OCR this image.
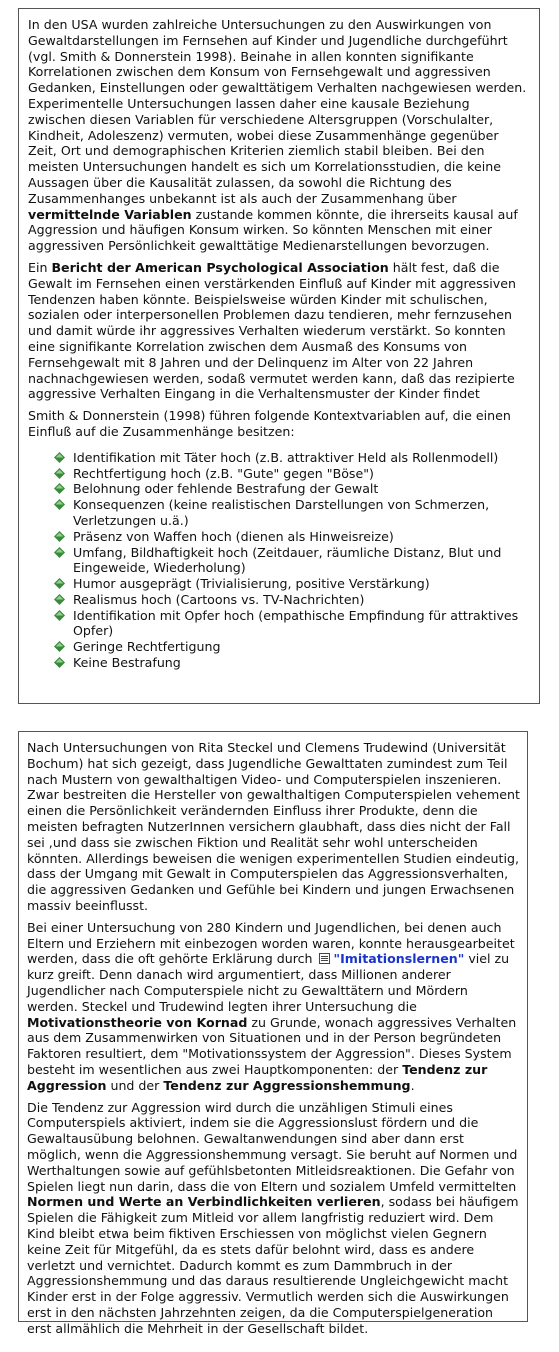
In den USA wurden zahlreiche Untersuchungen zu den Auswirkungen von Gewaltdarstellungen im Fernsehen auf Kinder und Jugendliche durchgeführt (vgl. Smith & Donnerstein 1998). Beinahe in allen konnten signifikante Korrelationen zwischen dem Konsum von Fernsehgewalt und aggressiven Gedanken, Einstellungen oder gewalttätigem Verhalten nachgewiesen werden. Experimentelle Untersuchungen lassen daher eine kausale Beziehung zwischen diesen Variablen für verschiedene Altersgruppen (Vorschulalter, Kindheit, Adoleszenz) vermuten, wobei diese Zusammenhänge gegenüber Zeit, Ort und demographischen Kriterien ziemlich stabil bleiben. Bei den meisten Untersuchungen handelt es sich um Korrelationsstudien, die keine Aussagen über die Kausalität zulassen, da sowohl die Richtung des Zusammenhanges unbekannt ist als auch der Zusammenhang über vermittelnde Variablen zustande kommen könnte, die ihrerseits kausal auf Aggression und häufigen Konsum wirken. So könnten Menschen mit einer aggressiven Persönlichkeit gewalttätige Medienarstellungen bevorzugen.

Ein Bericht der American Psychological Association hält fest, daß die Gewalt im Fernsehen einen verstärkenden Einfluß auf Kinder mit aggressiven Tendenzen haben könnte. Beispielsweise würden Kinder mit schulischen, sozialen oder interpersonellen Problemen dazu tendieren, mehr fernzusehen und damit würde ihr aggressives Verhalten wiederum verstärkt. So konnten eine signifikante Korrelation zwischen dem Ausmaß des Konsums von Fernsehgewalt mit 8 Jahren und der Delinquenz im Alter von 22 Jahren nachnachgewiesen werden, sodaß vermutet werden kann, daß das rezipierte aggressive Verhalten Eingang in die Verhaltensmuster der Kinder findet

Smith & Donnerstein (1998) führen folgende Kontextvariablen auf, die einen Einfluß auf die Zusammenhänge besitzen:

Identifikation mit Täter hoch (z.B. attraktiver Held als Rollenmodell)
Rechtfertigung hoch (z.B. "Gute" gegen "Böse")
Belohnung oder fehlende Bestrafung der Gewalt
Konsequenzen (keine realistischen Darstellungen von Schmerzen, Verletzungen u.ä.)
Präsenz von Waffen hoch (dienen als Hinweisreize)
Umfang, Bildhaftigkeit hoch (Zeitdauer, räumliche Distanz, Blut und Eingeweide, Wiederholung)
Humor ausgeprägt (Trivialisierung, positive Verstärkung)
Realismus hoch (Cartoons vs. TV-Nachrichten)
Identifikation mit Opfer hoch (empathische Empfindung für attraktives Opfer)
Geringe Rechtfertigung
Keine Bestrafung

Nach Untersuchungen von Rita Steckel und Clemens Trudewind (Universität Bochum) hat sich gezeigt, dass Jugendliche Gewalttaten zumindest zum Teil nach Mustern von gewalthaltigen Video- und Computerspielen inszenieren. Zwar bestreiten die Hersteller von gewalthaltigen Computerspielen vehement einen die Persönlichkeit verändernden Einfluss ihrer Produkte, denn die meisten befragten NutzerInnen versichern glaubhaft, dass dies nicht der Fall sei ,und dass sie zwischen Fiktion und Realität sehr wohl unterscheiden könnten. Allerdings beweisen die wenigen experimentellen Studien eindeutig, dass der Umgang mit Gewalt in Computerspielen das Aggressionsverhalten, die aggressiven Gedanken und Gefühle bei Kindern und jungen Erwachsenen massiv beeinflusst.

Bei einer Untersuchung von 280 Kindern und Jugendlichen, bei denen auch Eltern und Erziehern mit einbezogen worden waren, konnte herausgearbeitet werden, dass die oft gehörte Erklärung durch "Imitationslernen" viel zu kurz greift. Denn danach wird argumentiert, dass Millionen anderer Jugendlicher nach Computerspiele nicht zu Gewalttätern und Mördern werden. Steckel und Trudewind legten ihrer Untersuchung die Motivationstheorie von Kornad zu Grunde, wonach aggressives Verhalten aus dem Zusammenwirken von Situationen und in der Person begründeten Faktoren resultiert, dem "Motivationssystem der Aggression". Dieses System besteht im wesentlichen aus zwei Hauptkomponenten: der Tendenz zur Aggression und der Tendenz zur Aggressionshemmung.

Die Tendenz zur Aggression wird durch die unzähligen Stimuli eines Computerspiels aktiviert, indem sie die Aggressionslust fördern und die Gewaltausübung belohnen. Gewaltanwendungen sind aber dann erst möglich, wenn die Aggressionshemmung versagt. Sie beruht auf Normen und Werthaltungen sowie auf gefühlsbetonten Mitleidsreaktionen. Die Gefahr von Spielen liegt nun darin, dass die von Eltern und sozialem Umfeld vermittelten Normen und Werte an Verbindlichkeiten verlieren, sodass bei häufigem Spielen die Fähigkeit zum Mitleid vor allem langfristig reduziert wird. Dem Kind bleibt etwa beim fiktiven Erschiessen von möglichst vielen Gegnern keine Zeit für Mitgefühl, da es stets dafür belohnt wird, dass es andere verletzt und vernichtet. Dadurch kommt es zum Dammbruch in der Aggressionshemmung und das daraus resultierende Ungleichgewicht macht Kinder erst in der Folge aggressiv. Vermutlich werden sich die Auswirkungen erst in den nächsten Jahrzehnten zeigen, da die Computerspielgeneration erst allmählich die Mehrheit in der Gesellschaft bildet.
